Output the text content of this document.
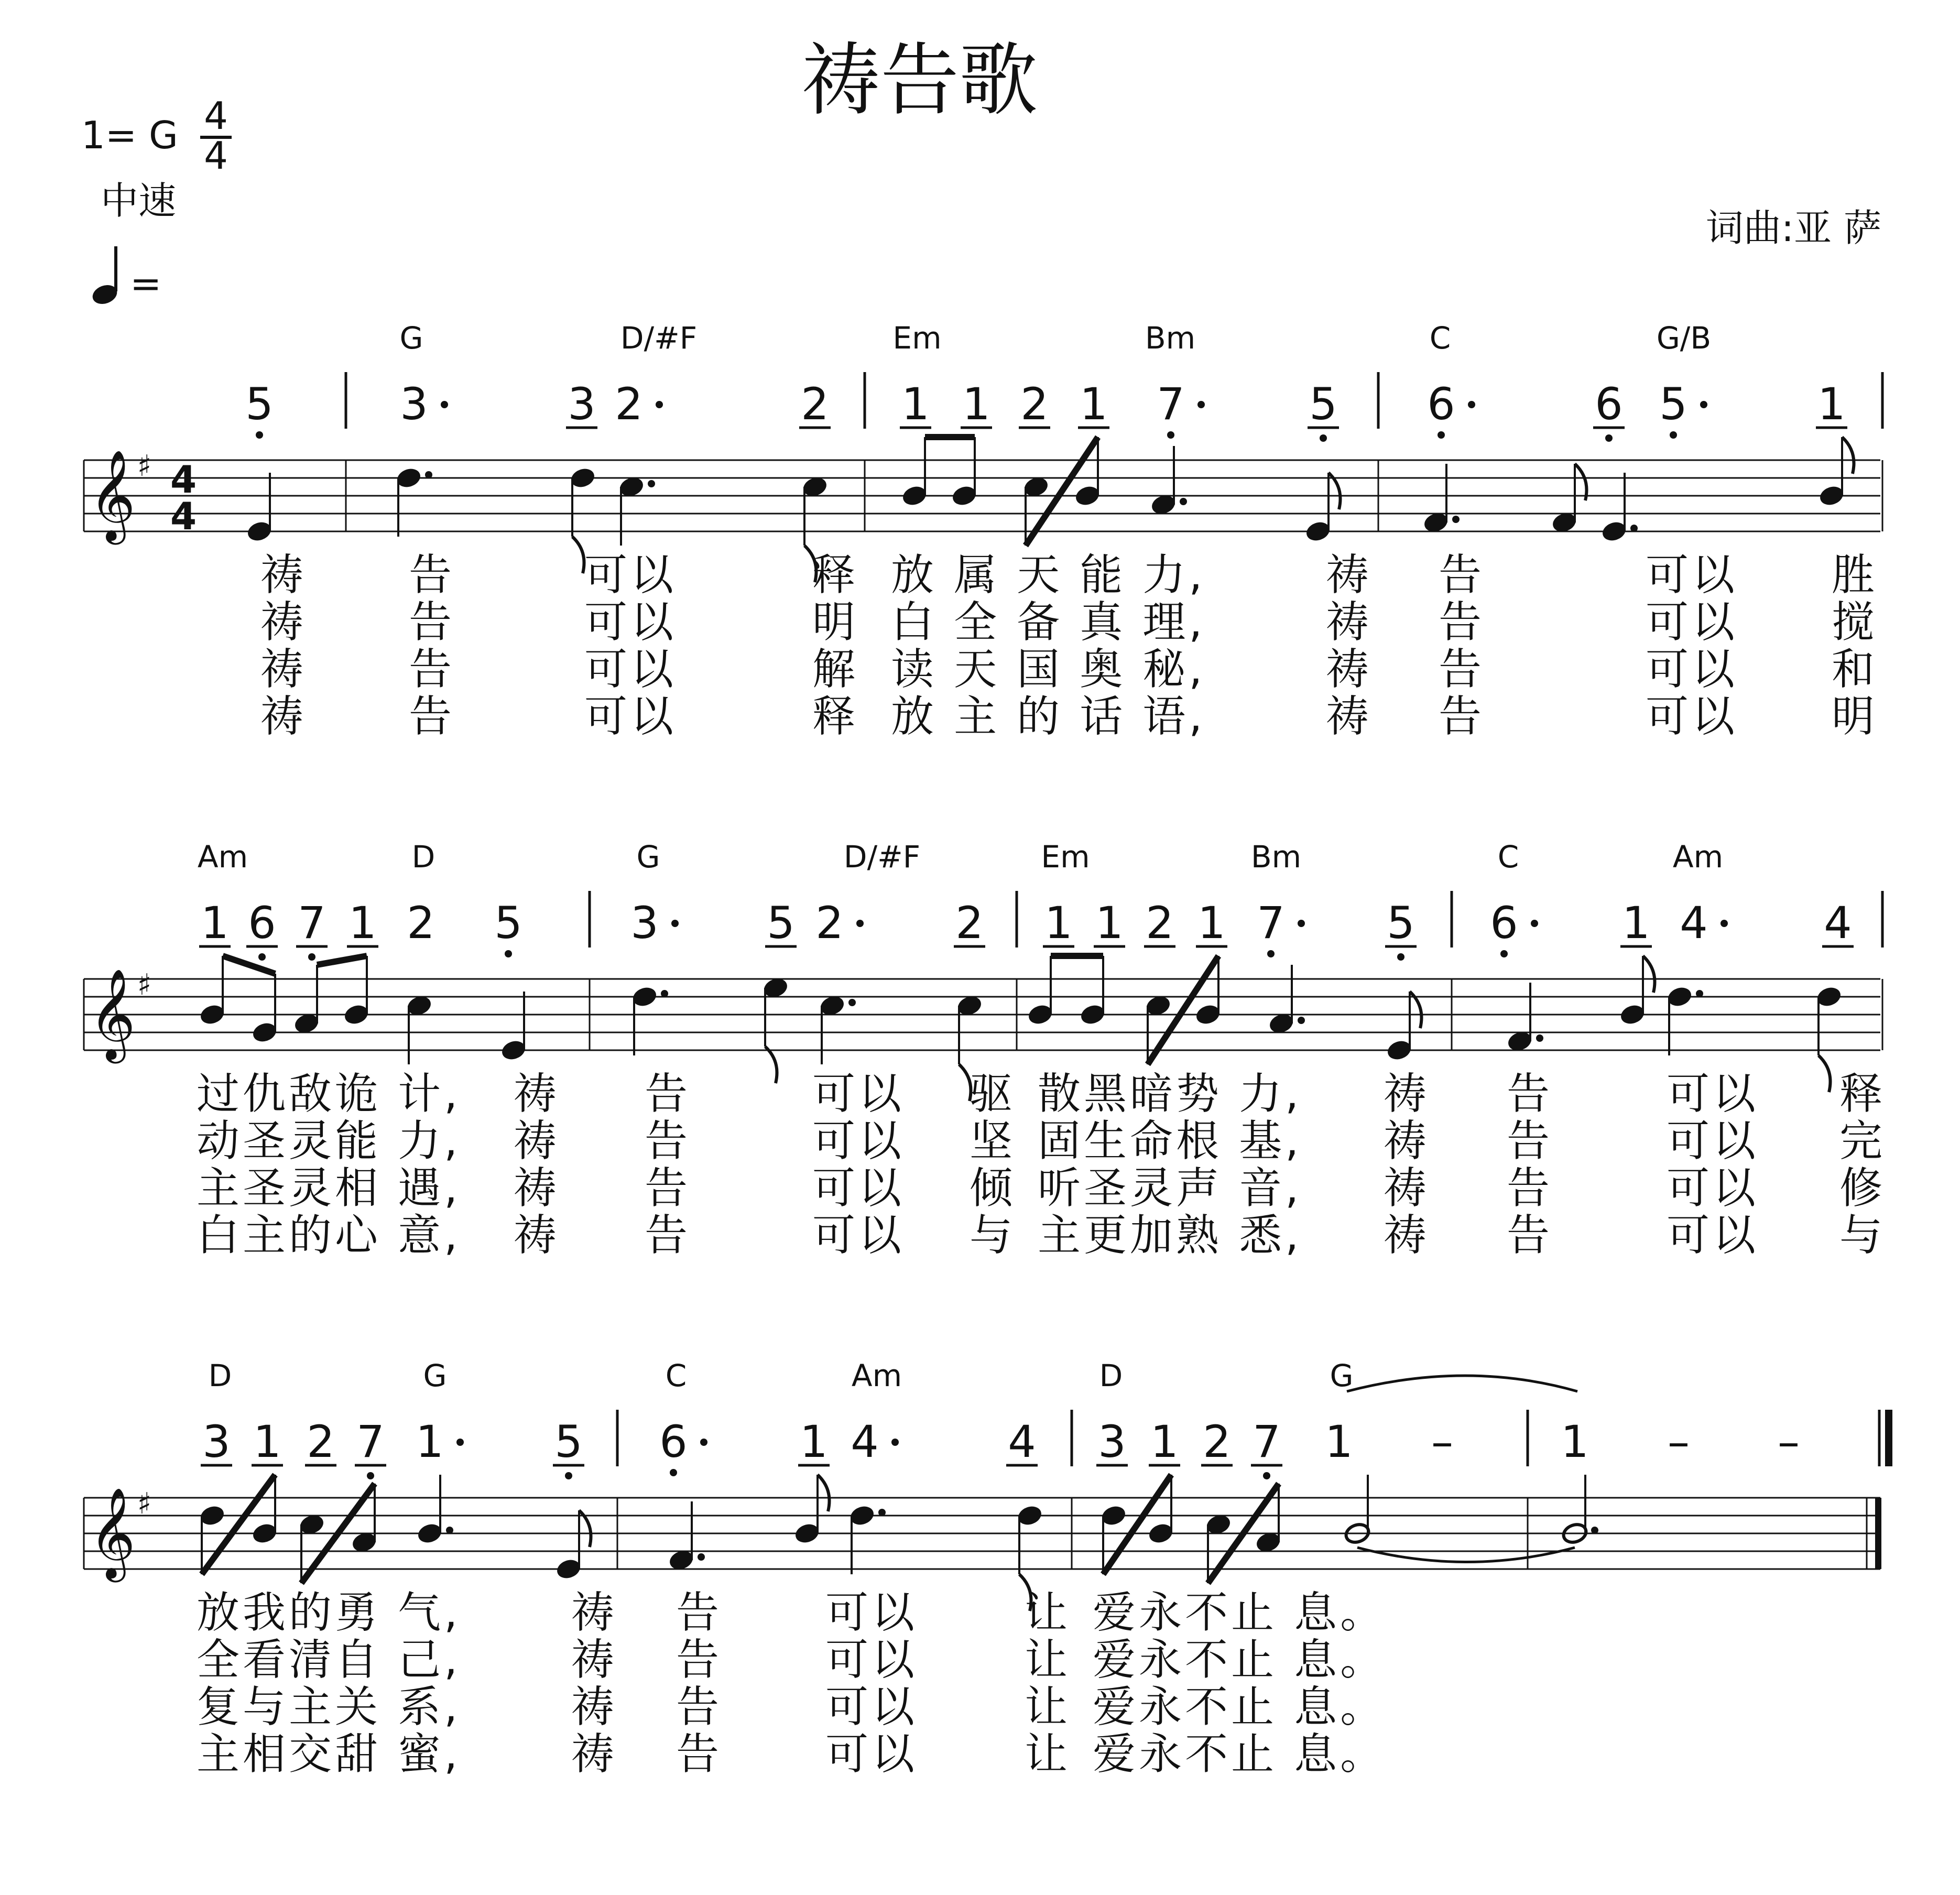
祷告歌
1= G 4
4
中速
=
词曲:亚 萨
G	D/#F	Em	Bm	C	G/B
5	3	3 2	2 1 1 2 1 7	5 6	6 5	1
𝄞 ♯ 4
4
祷 告	可以	释 放 属 天 能 力,	祷 告	可以 胜
祷 告	可以	明 白 全 备 真 理,	祷 告	可以 搅
祷 告	可以	解 读 天 国 奥 秘,	祷 告	可以 和
祷 告	可以	释 放 主 的 话 语,	祷 告	可以 明
Am	D	G	D/#F	Em	Bm	C	Am
1 6 7 1 2 5 3 5 2	2 1 1 2 1 7 5 6 1 4	4
𝄞 ♯
过仇敌诡 计, 祷 告	可以 驱 散黑暗势 力, 祷 告	可以 释
动圣灵能 力, 祷 告	可以 坚 固生命根 基, 祷 告	可以 完
主圣灵相 遇, 祷 告	可以 倾 听圣灵声 音, 祷 告	可以 修
白主的心 意, 祷 告	可以 与 主更加熟 悉, 祷 告	可以 与
D	G	C	Am	D	G
3 1 2 7 1	5 6	1 4	4 3 1 2 7 1 – 1 – –
𝄞 ♯
放我的勇 气,	祷 告 可以 让 爱永不止 息。
全看清自 己,	祷 告 可以 让 爱永不止 息。
复与主关 系,	祷 告 可以 让 爱永不止 息。
主相交甜 蜜,	祷 告 可以 让 爱永不止 息。
